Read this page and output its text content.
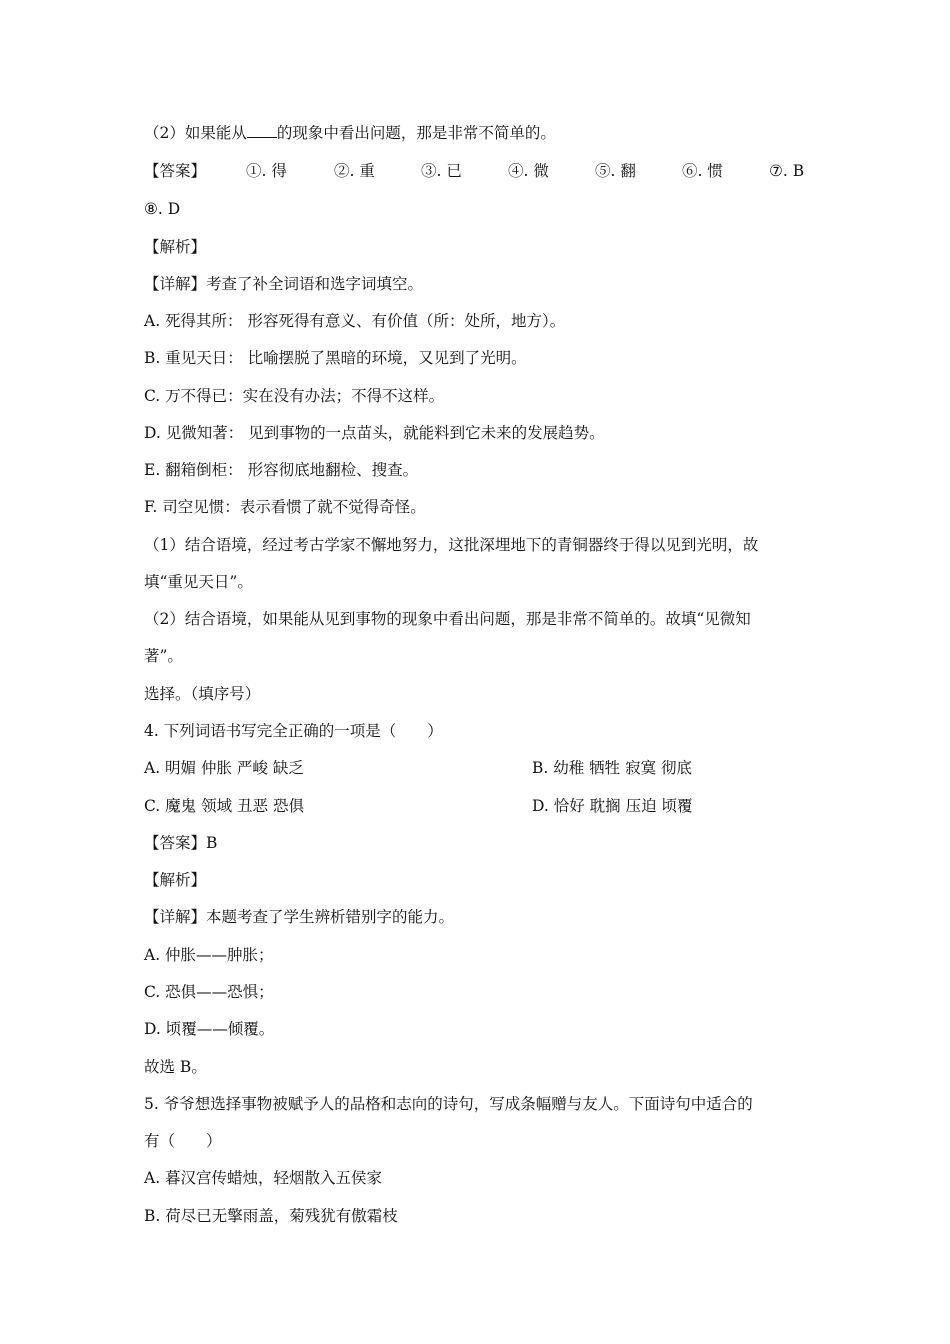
（2）如果能从 的现象中看出问题，那是非常不简单的。
【答案】	①. 得	②. 重	③. 已	④. 微	⑤. 翻	⑥. 惯	⑦. B
⑧. D
【解析】
【详解】考查了补全词语和选字词填空。
A. 死得其所： 形容死得有意义、有价值（所：处所，地方）。
B. 重见天日： 比喻摆脱了黑暗的环境，又见到了光明。
C. 万不得已：实在没有办法；不得不这样。
D. 见微知著： 见到事物的一点苗头，就能料到它未来的发展趋势。
E. 翻箱倒柜： 形容彻底地翻检、搜查。
F. 司空见惯：表示看惯了就不觉得奇怪。
（1）结合语境，经过考古学家不懈地努力，这批深埋地下的青铜器终于得以见到光明，故
填“重见天日”。
（2）结合语境，如果能从见到事物的现象中看出问题，那是非常不简单的。故填“见微知
著”。
选择。（填序号）
4. 下列词语书写完全正确的一项是（　　）
A. 明媚 仲胀 严峻 缺乏	B. 幼稚 牺牲 寂寞 彻底
C. 魔鬼 领域 丑恶 恐俱	D. 恰好 耽搁 压迫 顷覆
【答案】B
【解析】
【详解】本题考查了学生辨析错别字的能力。
A. 仲胀——肿胀；
C. 恐俱——恐惧；
D. 顷覆——倾覆。
故选 B。
5. 爷爷想选择事物被赋予人的品格和志向的诗句，写成条幅赠与友人。下面诗句中适合的
有（　　）
A. 暮汉宫传蜡烛，轻烟散入五侯家
B. 荷尽已无擎雨盖，菊残犹有傲霜枝
